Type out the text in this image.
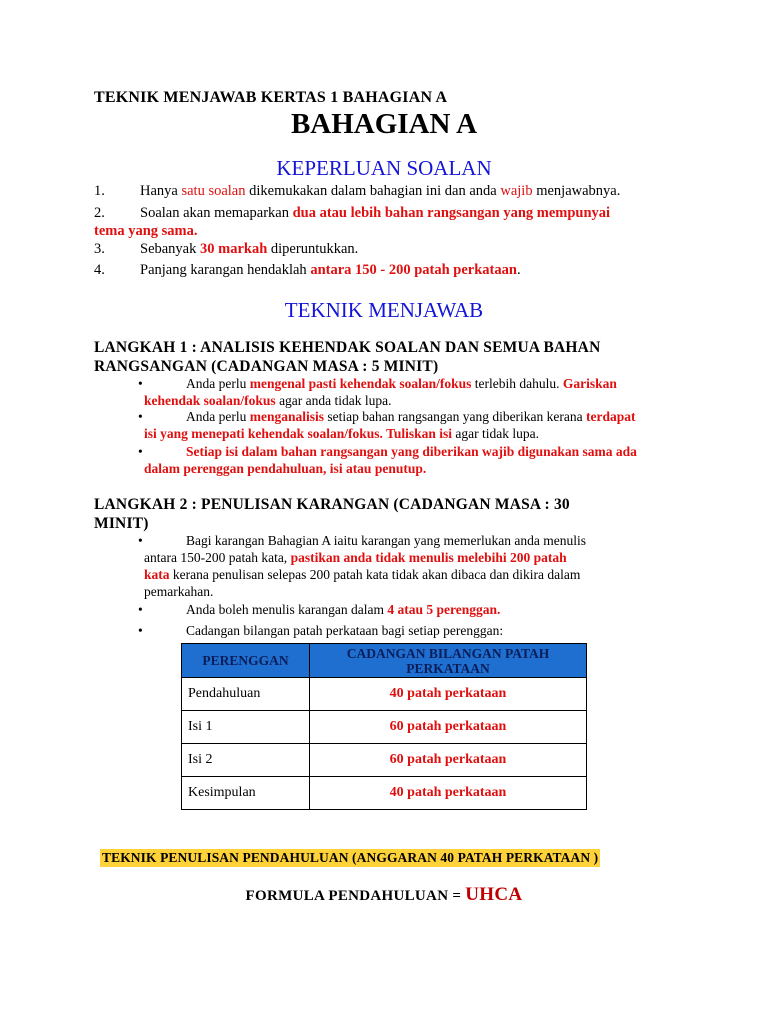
TEKNIK MENJAWAB KERTAS 1 BAHAGIAN A
BAHAGIAN A
KEPERLUAN SOALAN
1. Hanya satu soalan dikemukakan dalam bahagian ini dan anda wajib menjawabnya.
2. Soalan akan memaparkan dua atau lebih bahan rangsangan yang mempunyai
tema yang sama.
3. Sebanyak 30 markah diperuntukkan.
4. Panjang karangan hendaklah antara 150 - 200 patah perkataan.
TEKNIK MENJAWAB
LANGKAH 1 : ANALISIS KEHENDAK SOALAN DAN SEMUA BAHAN
RANGSANGAN (CADANGAN MASA : 5 MINIT)
•	Anda perlu mengenal pasti kehendak soalan/fokus terlebih dahulu. Gariskan
kehendak soalan/fokus agar anda tidak lupa.
•	Anda perlu menganalisis setiap bahan rangsangan yang diberikan kerana terdapat
isi yang menepati kehendak soalan/fokus. Tuliskan isi agar tidak lupa.
•	Setiap isi dalam bahan rangsangan yang diberikan wajib digunakan sama ada
dalam perenggan pendahuluan, isi atau penutup.
LANGKAH 2 : PENULISAN KARANGAN (CADANGAN MASA : 30
MINIT)
•	Bagi karangan Bahagian A iaitu karangan yang memerlukan anda menulis
antara 150-200 patah kata, pastikan anda tidak menulis melebihi 200 patah
kata kerana penulisan selepas 200 patah kata tidak akan dibaca dan dikira dalam
pemarkahan.
•	Anda boleh menulis karangan dalam 4 atau 5 perenggan.
•	Cadangan bilangan patah perkataan bagi setiap perenggan:
PERENGGAN	CADANGAN BILANGAN PATAH PERKATAAN
Pendahuluan	40 patah perkataan
Isi 1	60 patah perkataan
Isi 2	60 patah perkataan
Kesimpulan	40 patah perkataan
TEKNIK PENULISAN PENDAHULUAN (ANGGARAN 40 PATAH PERKATAAN )
FORMULA PENDAHULUAN = UHCA
